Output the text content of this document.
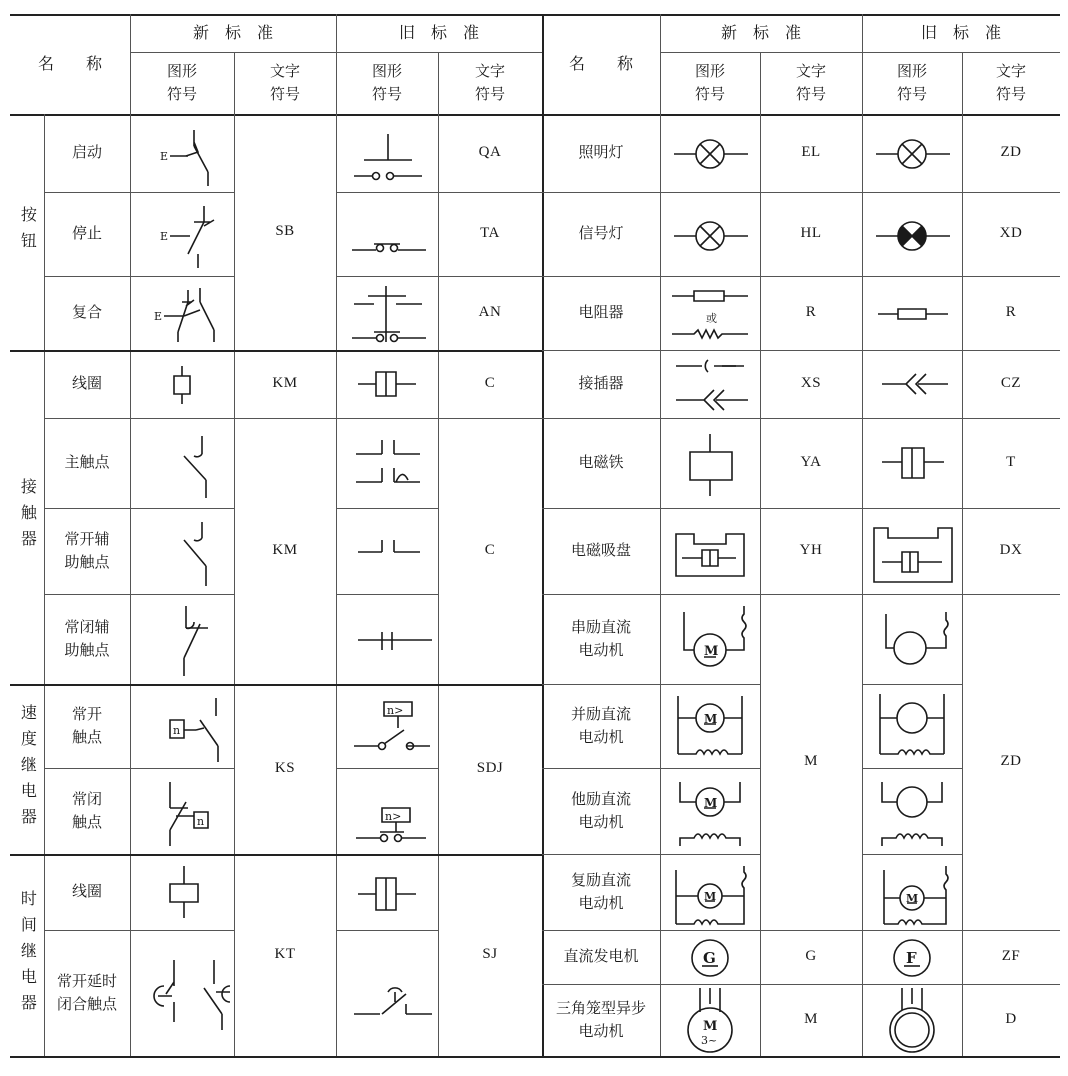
名　　称
新　标　准	旧　标　准
图形
符号
文字
符号
图形
符号
文字
符号
名　　称
新　标　准	旧　标　准
图形
符号
文字
符号
图形
符号
文字
符号
按钮
接触器
速度继电器
时间继电器
启动
停止
复合
线圈
主触点
常开辅
助触点
常闭辅
助触点
常开
触点
常闭
触点
线圈
常开延时
闭合触点
SB
KM
KM
KS
KT
QA
TA
AN
C
C
SDJ
SJ
照明灯
信号灯
电阻器
接插器
电磁铁
电磁吸盘
串励直流
电动机
并励直流
电动机
他励直流
电动机
复励直流
电动机
直流发电机
三角笼型异步
电动机
EL
HL
R
XS
YA
YH
M
G
M
ZD
XD
R
CZ
T
DX
ZD
ZF
D
E
E
E
n
n
n>
n>
或
M
M
M
M
G
M
3~
M
F
